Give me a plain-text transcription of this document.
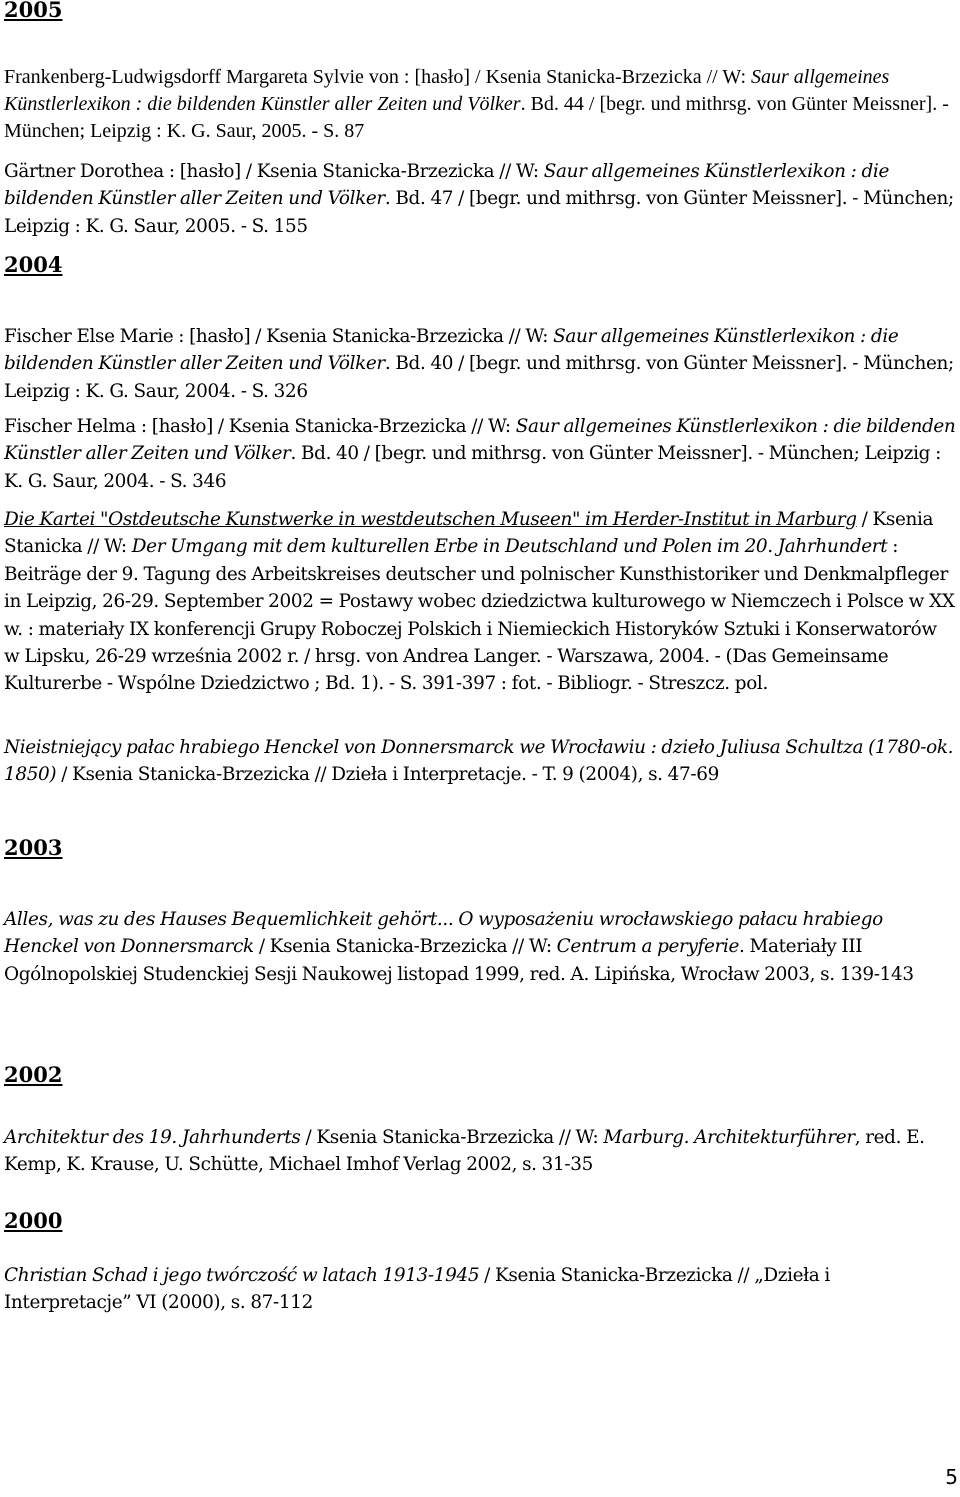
2005

Frankenberg-Ludwigsdorff Margareta Sylvie von : [hasło] / Ksenia Stanicka-Brzezicka // W: Saur allgemeines Künstlerlexikon : die bildenden Künstler aller Zeiten und Völker. Bd. 44 / [begr. und mithrsg. von Günter Meissner]. - München; Leipzig : K. G. Saur, 2005. - S. 87

Gärtner Dorothea : [hasło] / Ksenia Stanicka-Brzezicka // W: Saur allgemeines Künstlerlexikon : die bildenden Künstler aller Zeiten und Völker. Bd. 47 / [begr. und mithrsg. von Günter Meissner]. - München; Leipzig : K. G. Saur, 2005. - S. 155

2004

Fischer Else Marie : [hasło] / Ksenia Stanicka-Brzezicka // W: Saur allgemeines Künstlerlexikon : die bildenden Künstler aller Zeiten und Völker. Bd. 40 / [begr. und mithrsg. von Günter Meissner]. - München; Leipzig : K. G. Saur, 2004. - S. 326

Fischer Helma : [hasło] / Ksenia Stanicka-Brzezicka // W: Saur allgemeines Künstlerlexikon : die bildenden Künstler aller Zeiten und Völker. Bd. 40 / [begr. und mithrsg. von Günter Meissner]. - München; Leipzig : K. G. Saur, 2004. - S. 346

Die Kartei "Ostdeutsche Kunstwerke in westdeutschen Museen" im Herder-Institut in Marburg / Ksenia Stanicka // W: Der Umgang mit dem kulturellen Erbe in Deutschland und Polen im 20. Jahrhundert : Beiträge der 9. Tagung des Arbeitskreises deutscher und polnischer Kunsthistoriker und Denkmalpfleger in Leipzig, 26-29. September 2002 = Postawy wobec dziedzictwa kulturowego w Niemczech i Polsce w XX w. : materiały IX konferencji Grupy Roboczej Polskich i Niemieckich Historyków Sztuki i Konserwatorów w Lipsku, 26-29 września 2002 r. / hrsg. von Andrea Langer. - Warszawa, 2004. - (Das Gemeinsame Kulturerbe - Wspólne Dziedzictwo ; Bd. 1). - S. 391-397 : fot. - Bibliogr. - Streszcz. pol.

Nieistniejący pałac hrabiego Henckel von Donnersmarck we Wrocławiu : dzieło Juliusa Schultza (1780-ok. 1850) / Ksenia Stanicka-Brzezicka // Dzieła i Interpretacje. - T. 9 (2004), s. 47-69

2003

Alles, was zu des Hauses Bequemlichkeit gehört... O wyposażeniu wrocławskiego pałacu hrabiego Henckel von Donnersmarck / Ksenia Stanicka-Brzezicka // W: Centrum a peryferie. Materiały III Ogólnopolskiej Studenckiej Sesji Naukowej listopad 1999, red. A. Lipińska, Wrocław 2003, s. 139-143

2002

Architektur des 19. Jahrhunderts / Ksenia Stanicka-Brzezicka // W: Marburg. Architekturführer, red. E. Kemp, K. Krause, U. Schütte, Michael Imhof Verlag 2002, s. 31-35

2000

Christian Schad i jego twórczość w latach 1913-1945 / Ksenia Stanicka-Brzezicka // „Dzieła i Interpretacje” VI (2000), s. 87-112

5
